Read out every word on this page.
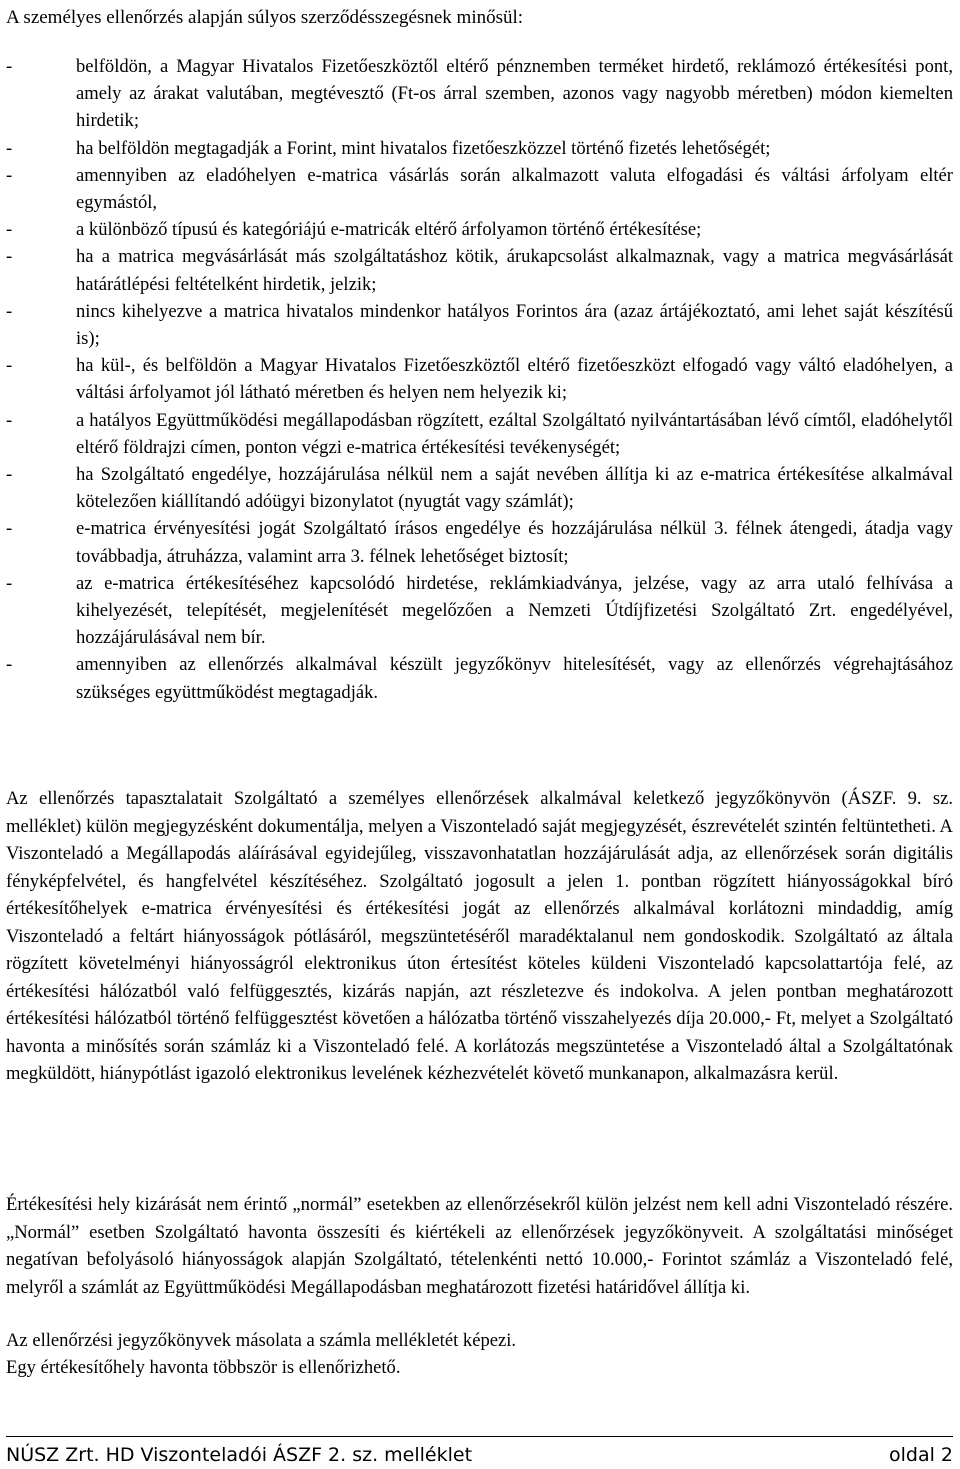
A személyes ellenőrzés alapján súlyos szerződésszegésnek minősül:
-	belföldön, a Magyar Hivatalos Fizetőeszköztől eltérő pénznemben terméket hirdető, reklámozó értékesítési pont, amely az árakat valutában, megtévesztő (Ft-os árral szemben, azonos vagy nagyobb méretben) módon kiemelten hirdetik;
-	ha belföldön megtagadják a Forint, mint hivatalos fizetőeszközzel történő fizetés lehetőségét;
-	amennyiben az eladóhelyen e-matrica vásárlás során alkalmazott valuta elfogadási és váltási árfolyam eltér egymástól,
-	a különböző típusú és kategóriájú e-matricák eltérő árfolyamon történő értékesítése;
-	ha a matrica megvásárlását más szolgáltatáshoz kötik, árukapcsolást alkalmaznak, vagy a matrica megvásárlását határátlépési feltételként hirdetik, jelzik;
-	nincs kihelyezve a matrica hivatalos mindenkor hatályos Forintos ára (azaz ártájékoztató, ami lehet saját készítésű is);
-	ha kül-, és belföldön a Magyar Hivatalos Fizetőeszköztől eltérő fizetőeszközt elfogadó vagy váltó eladóhelyen, a váltási árfolyamot jól látható méretben és helyen nem helyezik ki;
-	a hatályos Együttműködési megállapodásban rögzített, ezáltal Szolgáltató nyilvántartásában lévő címtől, eladóhelytől eltérő földrajzi címen, ponton végzi e-matrica értékesítési tevékenységét;
-	ha Szolgáltató engedélye, hozzájárulása nélkül nem a saját nevében állítja ki az e-matrica értékesítése alkalmával kötelezően kiállítandó adóügyi bizonylatot (nyugtát vagy számlát);
-	e-matrica érvényesítési jogát Szolgáltató írásos engedélye és hozzájárulása nélkül 3. félnek átengedi, átadja vagy továbbadja, átruházza, valamint arra 3. félnek lehetőséget biztosít;
-	az e-matrica értékesítéséhez kapcsolódó hirdetése, reklámkiadványa, jelzése, vagy az arra utaló felhívása a kihelyezését, telepítését, megjelenítését megelőzően a Nemzeti Útdíjfizetési Szolgáltató Zrt. engedélyével, hozzájárulásával nem bír.
-	amennyiben az ellenőrzés alkalmával készült jegyzőkönyv hitelesítését, vagy az ellenőrzés végrehajtásához szükséges együttműködést megtagadják.

Az ellenőrzés tapasztalatait Szolgáltató a személyes ellenőrzések alkalmával keletkező jegyzőkönyvön (ÁSZF. 9. sz. melléklet) külön megjegyzésként dokumentálja, melyen a Viszonteladó saját megjegyzését, észrevételét szintén feltüntetheti. A Viszonteladó a Megállapodás aláírásával egyidejűleg, visszavonhatatlan hozzájárulását adja, az ellenőrzések során digitális fényképfelvétel, és hangfelvétel készítéséhez. Szolgáltató jogosult a jelen 1. pontban rögzített hiányosságokkal bíró értékesítőhelyek e-matrica érvényesítési és értékesítési jogát az ellenőrzés alkalmával korlátozni mindaddig, amíg Viszonteladó a feltárt hiányosságok pótlásáról, megszüntetéséről maradéktalanul nem gondoskodik. Szolgáltató az általa rögzített követelményi hiányosságról elektronikus úton értesítést köteles küldeni Viszonteladó kapcsolattartója felé, az értékesítési hálózatból való felfüggesztés, kizárás napján, azt részletezve és indokolva. A jelen pontban meghatározott értékesítési hálózatból történő felfüggesztést követően a hálózatba történő visszahelyezés díja 20.000,- Ft, melyet a Szolgáltató havonta a minősítés során számláz ki a Viszonteladó felé. A korlátozás megszüntetése a Viszonteladó által a Szolgáltatónak megküldött, hiánypótlást igazoló elektronikus levelének kézhezvételét követő munkanapon, alkalmazásra kerül.

Értékesítési hely kizárását nem érintő „normál” esetekben az ellenőrzésekről külön jelzést nem kell adni Viszonteladó részére. „Normál” esetben Szolgáltató havonta összesíti és kiértékeli az ellenőrzések jegyzőkönyveit. A szolgáltatási minőséget negatívan befolyásoló hiányosságok alapján Szolgáltató, tételenkénti nettó 10.000,- Forintot számláz a Viszonteladó felé, melyről a számlát az Együttműködési Megállapodásban meghatározott fizetési határidővel állítja ki.

Az ellenőrzési jegyzőkönyvek másolata a számla mellékletét képezi.

Egy értékesítőhely havonta többször is ellenőrizhető.

NÚSZ Zrt. HD Viszonteladói ÁSZF 2. sz. melléklet	oldal 2
